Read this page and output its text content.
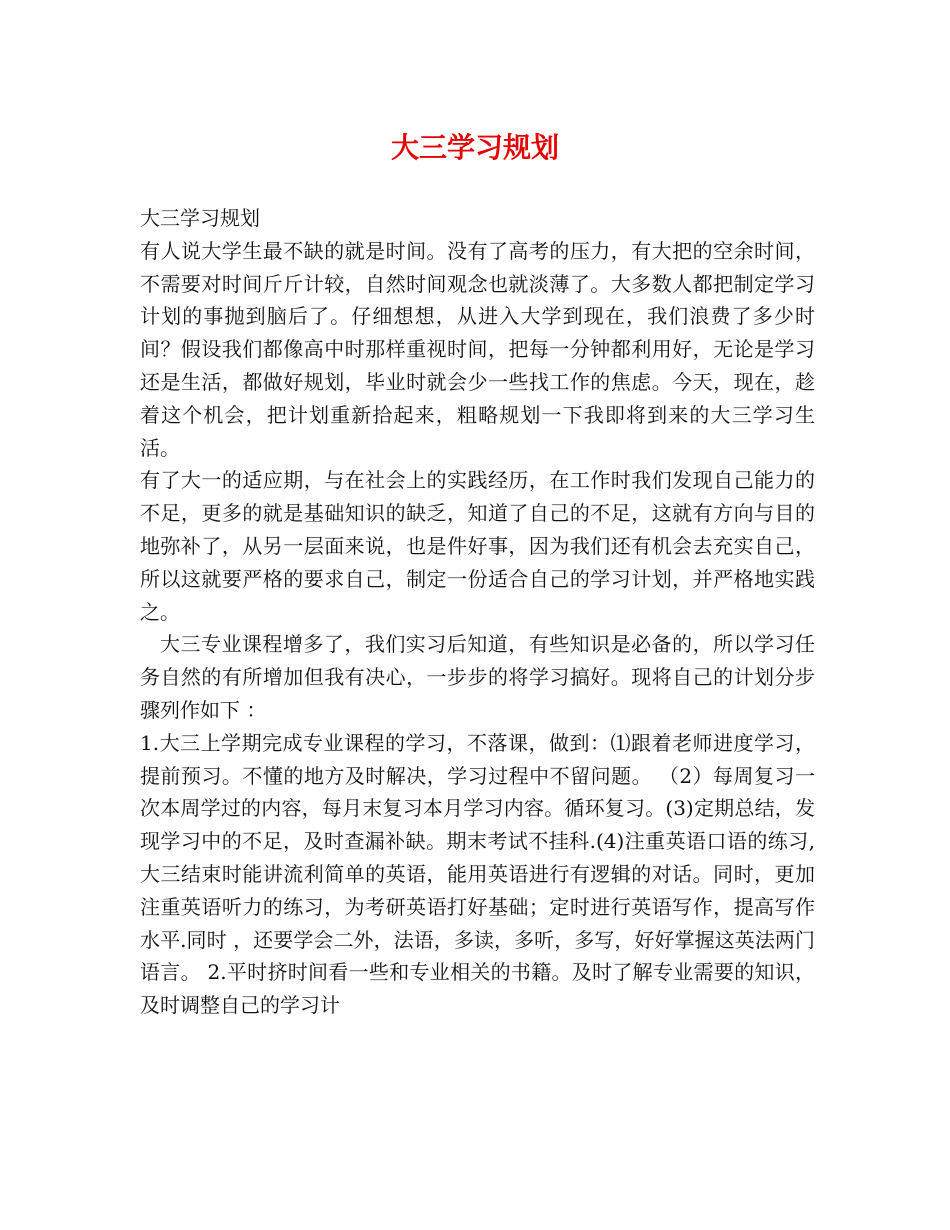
大三学习规划

大三学习规划

有人说大学生最不缺的就是时间。没有了高考的压力，有大把的空余时间，不需要对时间斤斤计较，自然时间观念也就淡薄了。大多数人都把制定学习计划的事抛到脑后了。仔细想想，从进入大学到现在，我们浪费了多少时间？假设我们都像高中时那样重视时间，把每一分钟都利用好，无论是学习还是生活，都做好规划，毕业时就会少一些找工作的焦虑。今天，现在，趁着这个机会，把计划重新拾起来，粗略规划一下我即将到来的大三学习生活。

有了大一的适应期，与在社会上的实践经历，在工作时我们发现自己能力的不足，更多的就是基础知识的缺乏，知道了自己的不足，这就有方向与目的地弥补了，从另一层面来说，也是件好事，因为我们还有机会去充实自己，所以这就要严格的要求自己，制定一份适合自己的学习计划，并严格地实践之。

大三专业课程增多了，我们实习后知道，有些知识是必备的，所以学习任务自然的有所增加但我有决心，一步步的将学习搞好。现将自己的计划分步骤列作如下 ：

1.大三上学期完成专业课程的学习，不落课，做到：⑴跟着老师进度学习，提前预习。不懂的地方及时解决，学习过程中不留问题。 （2）每周复习一次本周学过的内容，每月末复习本月学习内容。循环复习。(3)定期总结，发现学习中的不足，及时查漏补缺。期末考试不挂科.(4)注重英语口语的练习,大三结束时能讲流利简单的英语，能用英语进行有逻辑的对话。同时，更加注重英语听力的练习，为考研英语打好基础；定时进行英语写作，提高写作水平.同时 ，还要学会二外，法语，多读，多听，多写，好好掌握这英法两门语言。 2.平时挤时间看一些和专业相关的书籍。及时了解专业需要的知识，及时调整自己的学习计
